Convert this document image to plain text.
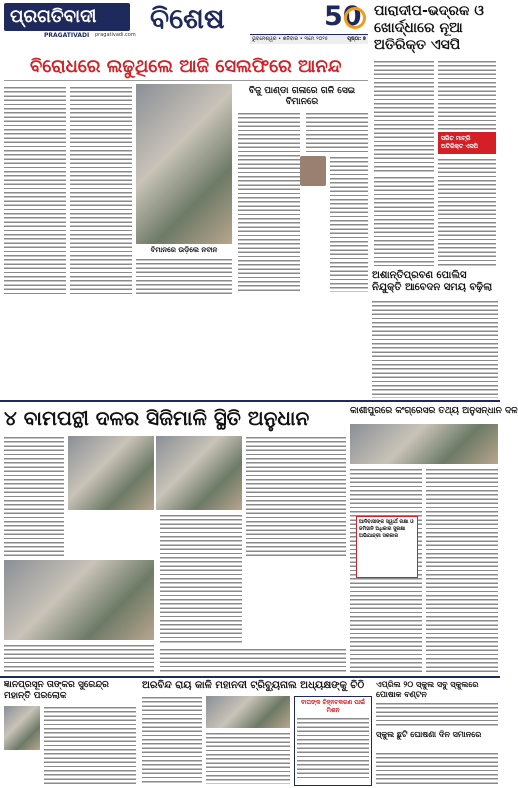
ପ୍ରଗତିବାଦୀ
PRAGATIVADI pragativadi.com ବିଶେଷ	50
ଭୁବନେଶ୍ୱର • ଶନିବାର • ୩ମେ ୨୦୨୫	ପୃଷ୍ଠା: ୭
ପାରାଦୀପ-ଭଦ୍ରକ ଓ ଖୋର୍ଦ୍ଧାରେ ନୂଆ ଅତିରିକ୍ତ ଏସପି
ସରିତ ମାଟ୍ରି ଅତିରିକ୍ତ ଏସପି
ବିରୋଧରେ ଲଢୁଥିଲେ ଆଜି ସେଲଫିରେ ଆନନ୍ଦ
ବିଜୁ ପାଣ୍ଡା ଗଳାରେ ଗଳି ସେଇ ବିମାନରେ
ବିମାନରେ ଉଡ଼ିଲେ ନବୀନ
ଅଶାନ୍ତିପ୍ରବଣ ପୋଲିସ ନିଯୁକ୍ତି ଆବେଦନ ସମୟ ବଢ଼ିଲା
୪ ବାମପନ୍ଥୀ ଦଳର ସିଜିମାଳି ସ୍ଥିତି ଅନୁଧାନ	କାଶୀପୁରରେ କଂଗ୍ରେସର ତଥ୍ୟ ଅନୁସନ୍ଧାନ ଦଳ
ଆଦିବାସୀଙ୍କ ସ୍ୱାର୍ଥ ରକ୍ଷା ଓ ଜମିହାନି ଅଧିକାର ସୁରକ୍ଷା ଅଭିଯାନ୍ଦ୍ରୀ ସରକାର
ଜ୍ଞାନପ୍ରସୂନ ତାଙ୍କର ସୁରେନ୍ଦ୍ର ମହାନ୍ତି ପରଲୋକ
ଅରବିନ୍ଦ ରାୟ କାଳି ମହାନଦୀ ଟ୍ରିବ୍ୟୁନାଲ ଅଧ୍ୟକ୍ଷଙ୍କୁ ଚିଠି
ବାଘଙ୍କ ଚିହ୍ନଟକରଣ ପାଇଁ ମିଶନ
ଏପ୍ରିଲ ୨୦ ସ୍କୁଲ ସବୁ ସ୍କୁଲରେ ପୋଷାକ ବଣ୍ଟନ
ସ୍କୁଲ ଛୁଟି ଘୋଷଣା ଦିନ ସମାନରେ
